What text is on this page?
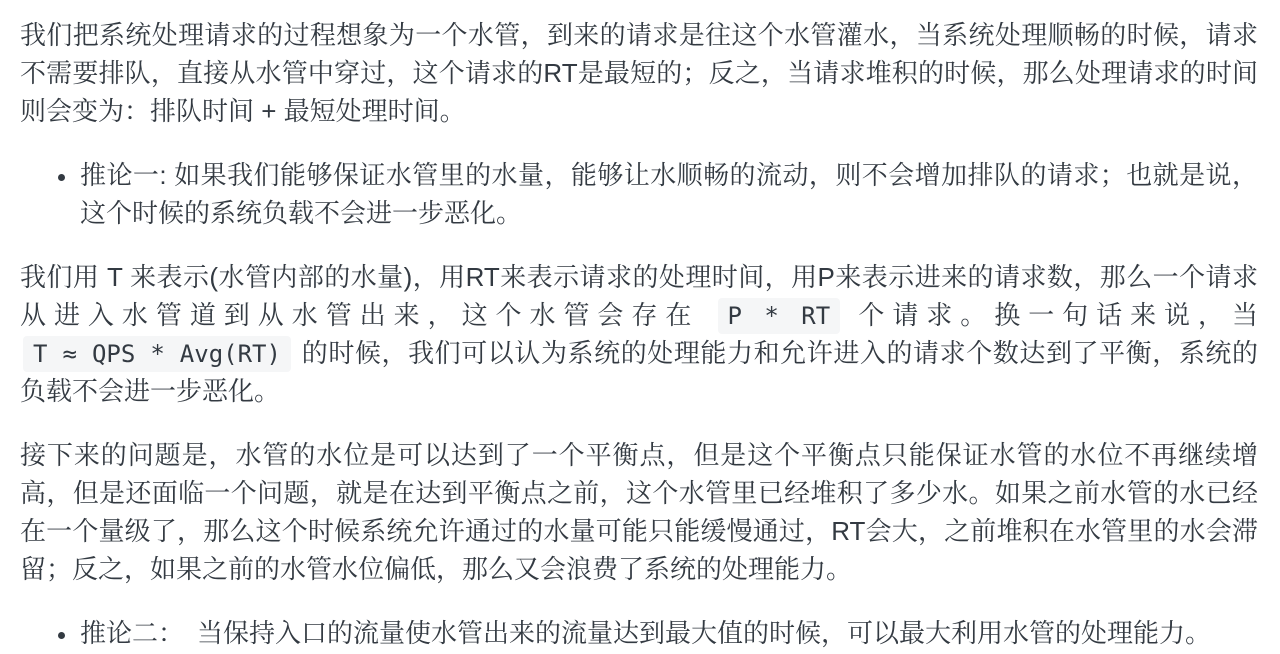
我们把系统处理请求的过程想象为一个水管，到来的请求是往这个水管灌水，当系统处理顺畅的时候，请求不需要排队，直接从水管中穿过，这个请求的RT是最短的；反之，当请求堆积的时候，那么处理请求的时间则会变为：排队时间 + 最短处理时间。

• 推论一: 如果我们能够保证水管里的水量，能够让水顺畅的流动，则不会增加排队的请求；也就是说，这个时候的系统负载不会进一步恶化。

我们用 T 来表示(水管内部的水量)，用RT来表示请求的处理时间，用P来表示进来的请求数，那么一个请求从进入水管道到从水管出来，这个水管会存在 P * RT 个请求。换一句话来说，当 T ≈ QPS * Avg(RT) 的时候，我们可以认为系统的处理能力和允许进入的请求个数达到了平衡，系统的负载不会进一步恶化。

接下来的问题是，水管的水位是可以达到了一个平衡点，但是这个平衡点只能保证水管的水位不再继续增高，但是还面临一个问题，就是在达到平衡点之前，这个水管里已经堆积了多少水。如果之前水管的水已经在一个量级了，那么这个时候系统允许通过的水量可能只能缓慢通过，RT会大，之前堆积在水管里的水会滞留；反之，如果之前的水管水位偏低，那么又会浪费了系统的处理能力。

• 推论二：　当保持入口的流量使水管出来的流量达到最大值的时候，可以最大利用水管的处理能力。
